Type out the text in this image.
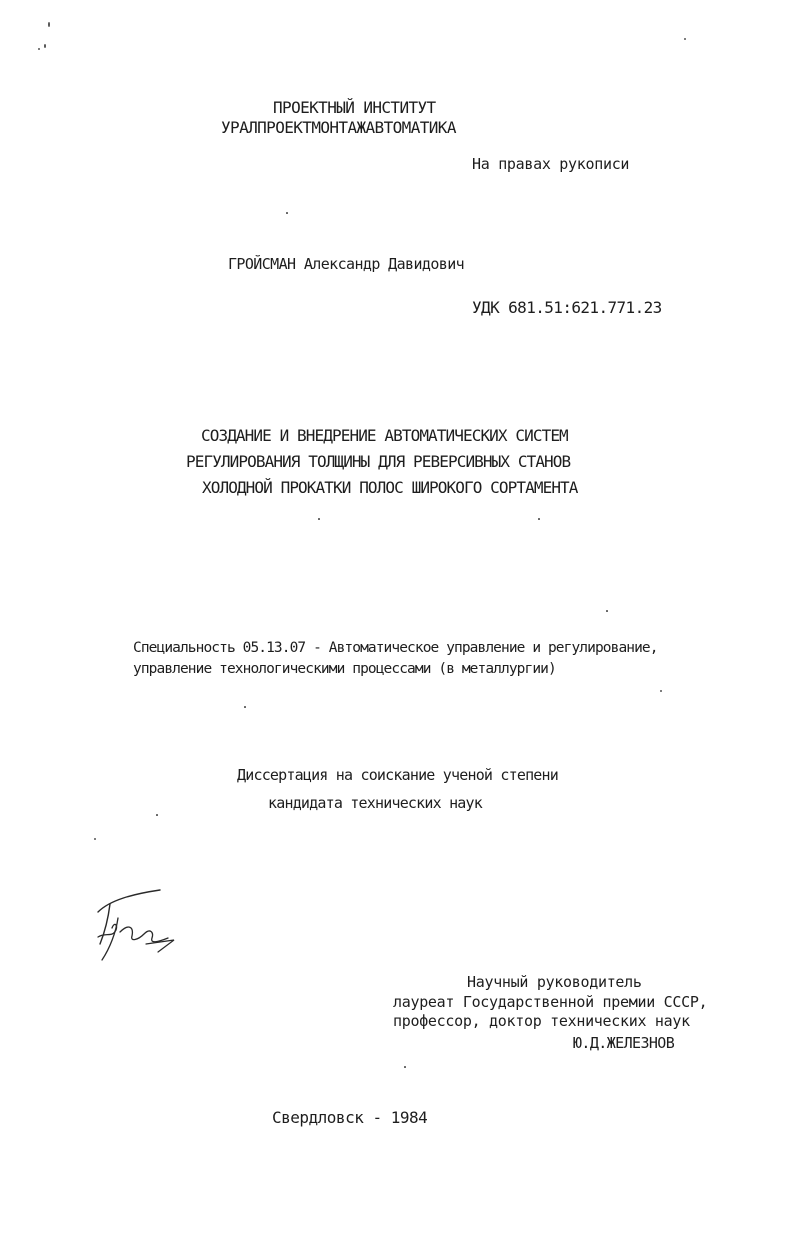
ПРОЕКТНЫЙ ИНСТИТУТ
УРАЛПРОЕКТМОНТАЖАВТОМАТИКА
На правах рукописи
ГРОЙСМАН Александр Давидович
УДК 681.51:621.771.23
СОЗДАНИЕ И ВНЕДРЕНИЕ АВТОМАТИЧЕСКИХ СИСТЕМ
РЕГУЛИРОВАНИЯ ТОЛЩИНЫ ДЛЯ РЕВЕРСИВНЫХ СТАНОВ
ХОЛОДНОЙ ПРОКАТКИ ПОЛОС ШИРОКОГО СОРТАМЕНТА
Специальность 05.13.07 - Автоматическое управление и регулирование,
управление технологическими процессами (в металлургии)
Диссертация на соискание ученой степени
кандидата технических наук
Научный руководитель
лауреат Государственной премии СССР,
профессор, доктор технических наук
Ю.Д.ЖЕЛЕЗНОВ
Свердловск - 1984
